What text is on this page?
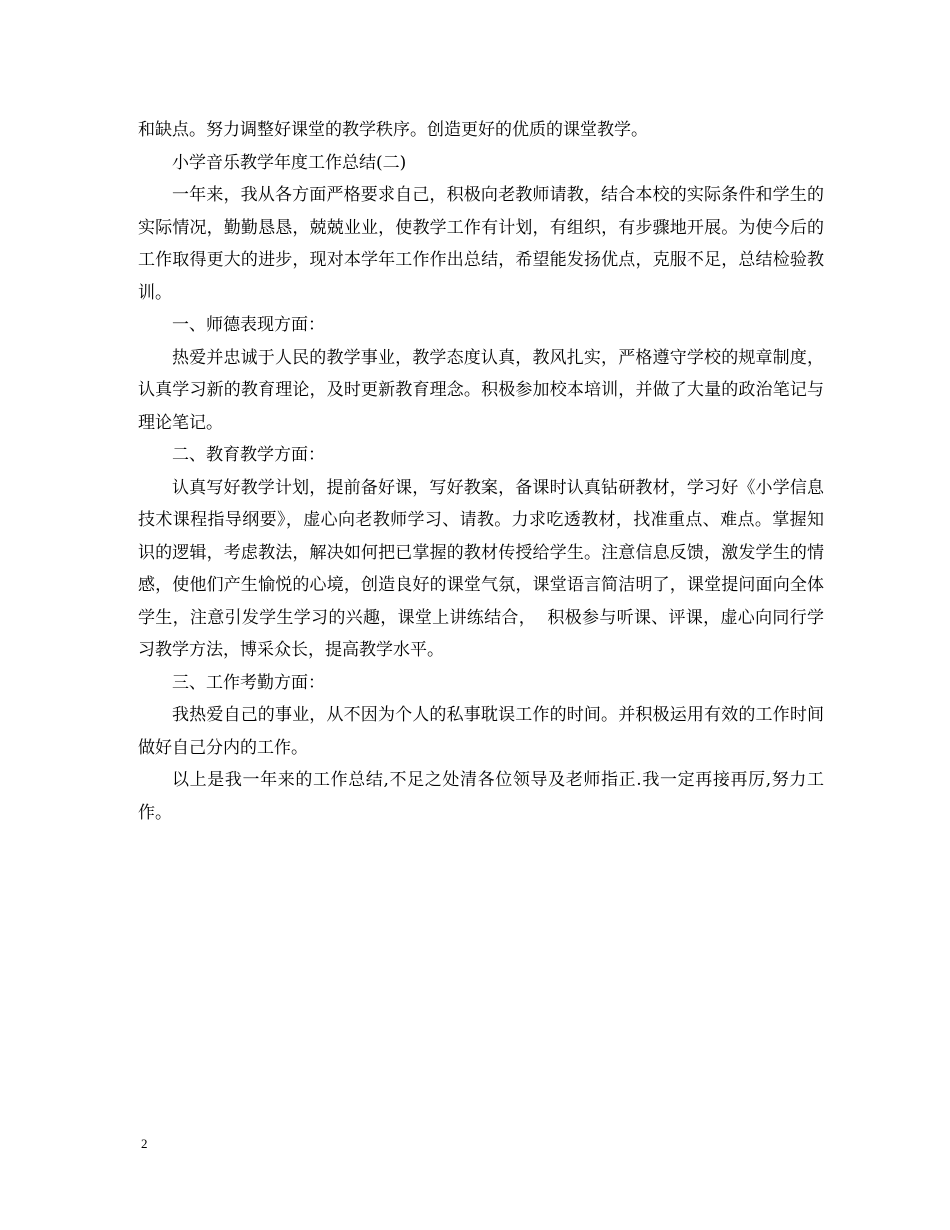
和缺点。努力调整好课堂的教学秩序。创造更好的优质的课堂教学。

小学音乐教学年度工作总结(二)

一年来，我从各方面严格要求自己，积极向老教师请教，结合本校的实际条件和学生的实际情况，勤勤恳恳，兢兢业业，使教学工作有计划，有组织，有步骤地开展。为使今后的工作取得更大的进步，现对本学年工作作出总结，希望能发扬优点，克服不足，总结检验教训。

一、师德表现方面：

热爱并忠诚于人民的教学事业，教学态度认真，教风扎实，严格遵守学校的规章制度，认真学习新的教育理论，及时更新教育理念。积极参加校本培训，并做了大量的政治笔记与理论笔记。

二、教育教学方面：

认真写好教学计划，提前备好课，写好教案，备课时认真钻研教材，学习好《小学信息技术课程指导纲要》，虚心向老教师学习、请教。力求吃透教材，找准重点、难点。掌握知识的逻辑，考虑教法，解决如何把已掌握的教材传授给学生。注意信息反馈，激发学生的情感，使他们产生愉悦的心境，创造良好的课堂气氛，课堂语言简洁明了，课堂提问面向全体学生，注意引发学生学习的兴趣，课堂上讲练结合，  积极参与听课、评课，虚心向同行学习教学方法，博采众长，提高教学水平。

三、工作考勤方面：

我热爱自己的事业，从不因为个人的私事耽误工作的时间。并积极运用有效的工作时间做好自己分内的工作。

以上是我一年来的工作总结,不足之处清各位领导及老师指正.我一定再接再厉,努力工作。

2
